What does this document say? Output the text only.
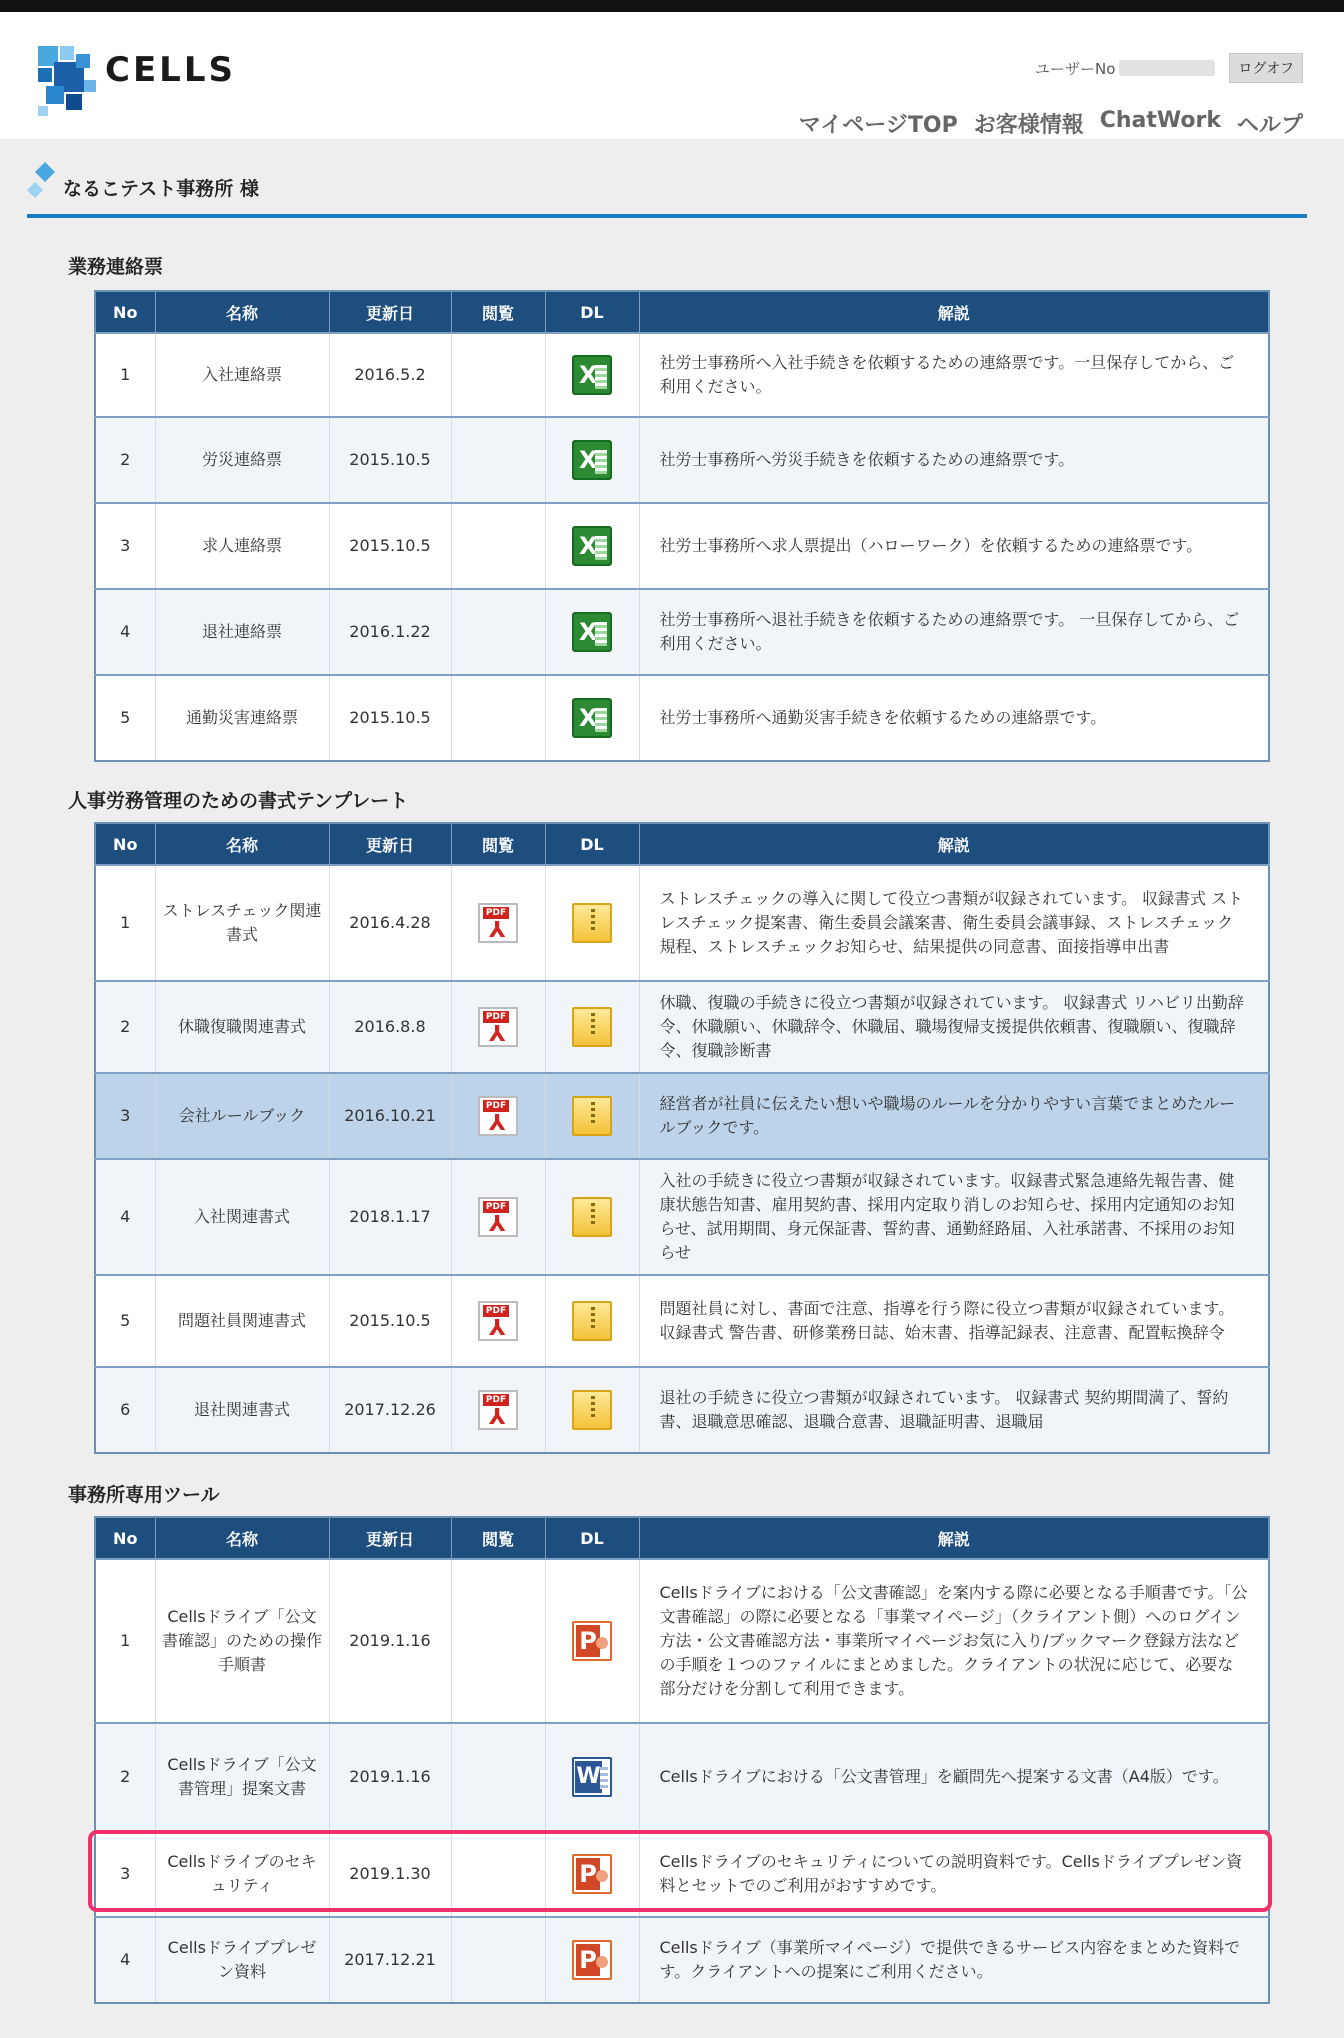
CELLS	ユーザーNo	ログオフ
マイページTOP お客様情報 ChatWork ヘルプ
なるこテスト事務所 様
業務連絡票
No	名称	更新日	閲覧	DL	解説
1	入社連絡票	2016.5.2		X	社労士事務所へ入社手続きを依頼するための連絡票です。一旦保存してから、ご利用ください。
2	労災連絡票	2015.10.5		X	社労士事務所へ労災手続きを依頼するための連絡票です。
3	求人連絡票	2015.10.5		X	社労士事務所へ求人票提出（ハローワーク）を依頼するための連絡票です。
4	退社連絡票	2016.1.22		X	社労士事務所へ退社手続きを依頼するための連絡票です。 一旦保存してから、ご利用ください。
5	通勤災害連絡票	2015.10.5		X	社労士事務所へ通勤災害手続きを依頼するための連絡票です。
人事労務管理のための書式テンプレート
No	名称	更新日	閲覧	DL	解説
1	ストレスチェック関連書式	2016.4.28	PDF ⅄		ストレスチェックの導入に関して役立つ書類が収録されています。 収録書式 ストレスチェック提案書、衛生委員会議案書、衛生委員会議事録、ストレスチェック規程、ストレスチェックお知らせ、結果提供の同意書、面接指導申出書
2	休職復職関連書式	2016.8.8	PDF ⅄		休職、復職の手続きに役立つ書類が収録されています。 収録書式 リハビリ出勤辞令、休職願い、休職辞令、休職届、職場復帰支援提供依頼書、復職願い、復職辞令、復職診断書
3	会社ルールブック	2016.10.21	PDF ⅄		経営者が社員に伝えたい想いや職場のルールを分かりやすい言葉でまとめたルールブックです。
4	入社関連書式	2018.1.17	PDF ⅄		入社の手続きに役立つ書類が収録されています。収録書式緊急連絡先報告書、健康状態告知書、雇用契約書、採用内定取り消しのお知らせ、採用内定通知のお知らせ、試用期間、身元保証書、誓約書、通勤経路届、入社承諾書、不採用のお知らせ
5	問題社員関連書式	2015.10.5	PDF ⅄		問題社員に対し、書面で注意、指導を行う際に役立つ書類が収録されています。 収録書式 警告書、研修業務日誌、始末書、指導記録表、注意書、配置転換辞令
6	退社関連書式	2017.12.26	PDF ⅄		退社の手続きに役立つ書類が収録されています。 収録書式 契約期間満了、誓約書、退職意思確認、退職合意書、退職証明書、退職届
事務所専用ツール
No	名称	更新日	閲覧	DL	解説
1	Cellsドライブ「公文書確認」のための操作手順書	2019.1.16		P	Cellsドライブにおける「公文書確認」を案内する際に必要となる手順書です。「公文書確認」の際に必要となる「事業マイページ」（クライアント側）へのログイン方法・公文書確認方法・事業所マイページお気に入り/ブックマーク登録方法などの手順を１つのファイルにまとめました。クライアントの状況に応じて、必要な部分だけを分割して利用できます。
2	Cellsドライブ「公文書管理」提案文書	2019.1.16		W	Cellsドライブにおける「公文書管理」を顧問先へ提案する文書（A4版）です。
3	Cellsドライブのセキュリティ	2019.1.30		P	Cellsドライブのセキュリティについての説明資料です。Cellsドライブプレゼン資料とセットでのご利用がおすすめです。
4	Cellsドライブプレゼン資料	2017.12.21		P	Cellsドライブ（事業所マイページ）で提供できるサービス内容をまとめた資料です。クライアントへの提案にご利用ください。
